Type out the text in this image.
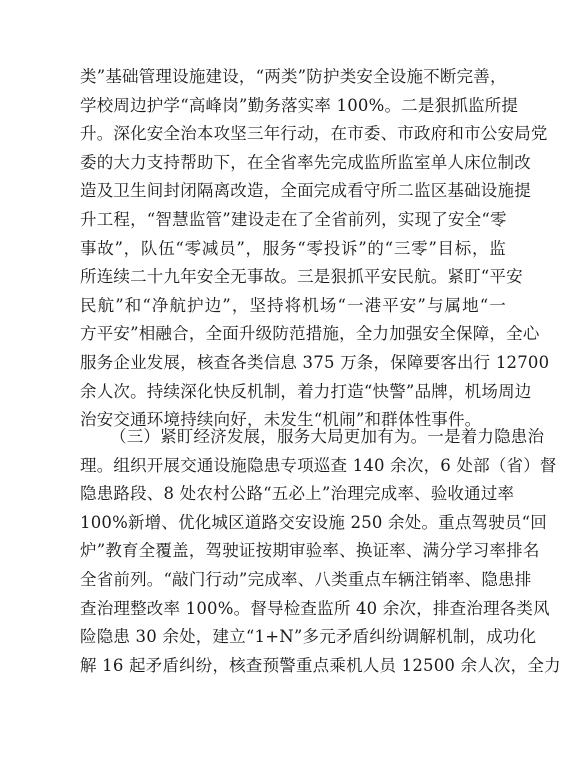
类”基础管理设施建设，“两类”防护类安全设施不断完善，
学校周边护学“高峰岗”勤务落实率 100%。二是狠抓监所提
升。深化安全治本攻坚三年行动，在市委、市政府和市公安局党
委的大力支持帮助下，在全省率先完成监所监室单人床位制改
造及卫生间封闭隔离改造，全面完成看守所二监区基础设施提
升工程，“智慧监管”建设走在了全省前列，实现了安全“零
事故”，队伍“零减员”，服务“零投诉”的“三零”目标，监
所连续二十九年安全无事故。三是狠抓平安民航。紧盯“平安
民航”和“净航护边”，坚持将机场“一港平安”与属地“一
方平安”相融合，全面升级防范措施，全力加强安全保障，全心
服务企业发展，核查各类信息 375 万条，保障要客出行 12700
余人次。持续深化快反机制，着力打造“快警”品牌，机场周边
治安交通环境持续向好，未发生“机闹”和群体性事件。
（三）紧盯经济发展，服务大局更加有为。一是着力隐患治
理。组织开展交通设施隐患专项巡查 140 余次，6 处部（省）督
隐患路段、8 处农村公路“五必上”治理完成率、验收通过率
100%新增、优化城区道路交安设施 250 余处。重点驾驶员“回
炉”教育全覆盖，驾驶证按期审验率、换证率、满分学习率排名
全省前列。“敲门行动”完成率、八类重点车辆注销率、隐患排
查治理整改率 100%。督导检查监所 40 余次，排查治理各类风
险隐患 30 余处，建立“1+N”多元矛盾纠纷调解机制，成功化
解 16 起矛盾纠纷，核查预警重点乘机人员 12500 余人次，全力
